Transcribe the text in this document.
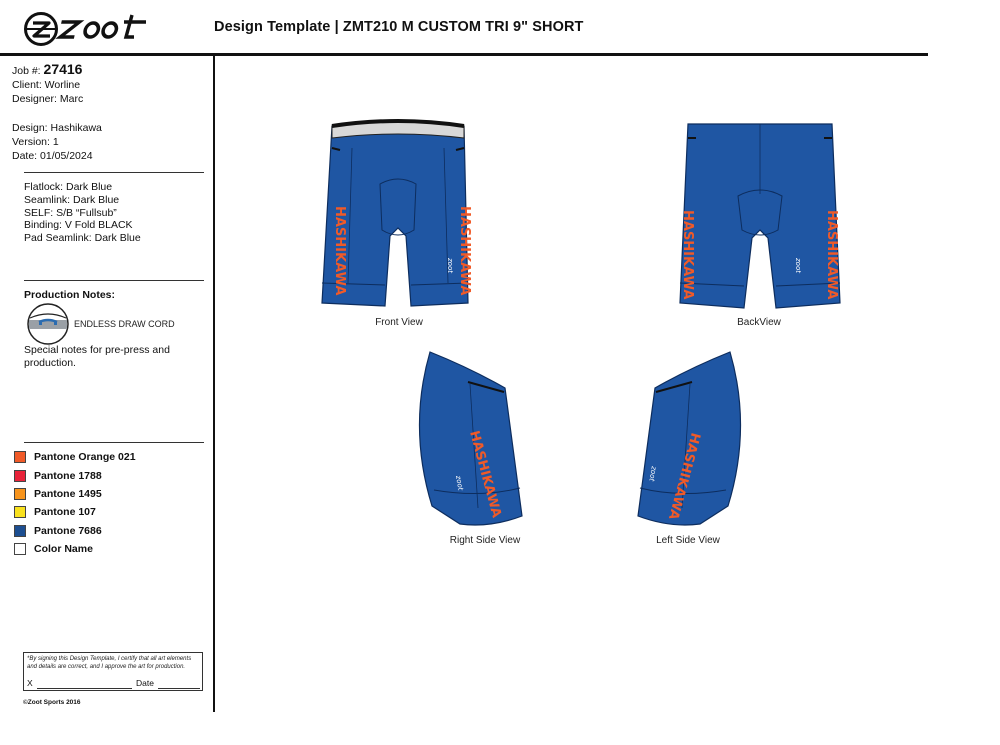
Design Template | ZMT210 M CUSTOM TRI 9" SHORT
Job #: 27416
Client: Worline
Designer: Marc
Design: Hashikawa
Version: 1
Date: 01/05/2024
Flatlock: Dark Blue
Seamlink: Dark Blue
SELF: S/B “Fullsub”
Binding: V Fold BLACK
Pad Seamlink: Dark Blue
Production Notes:
ENDLESS DRAW CORD
Special notes for pre-press and production.
Pantone Orange 021
Pantone 1788
Pantone 1495
Pantone 107
Pantone 7686
Color Name
*By signing this Design Template, I certify that all art elements and details are correct, and I approve the art for production.
X	Date
©Zoot Sports 2016
HASHIKAWA	HASHIKAWA
zoot
Front View
HASHIKAWA	HASHIKAWA
zoot
BackView
HASHIKAWA
zoot
Right Side View
HASHIKAWA
zoot
Left Side View
